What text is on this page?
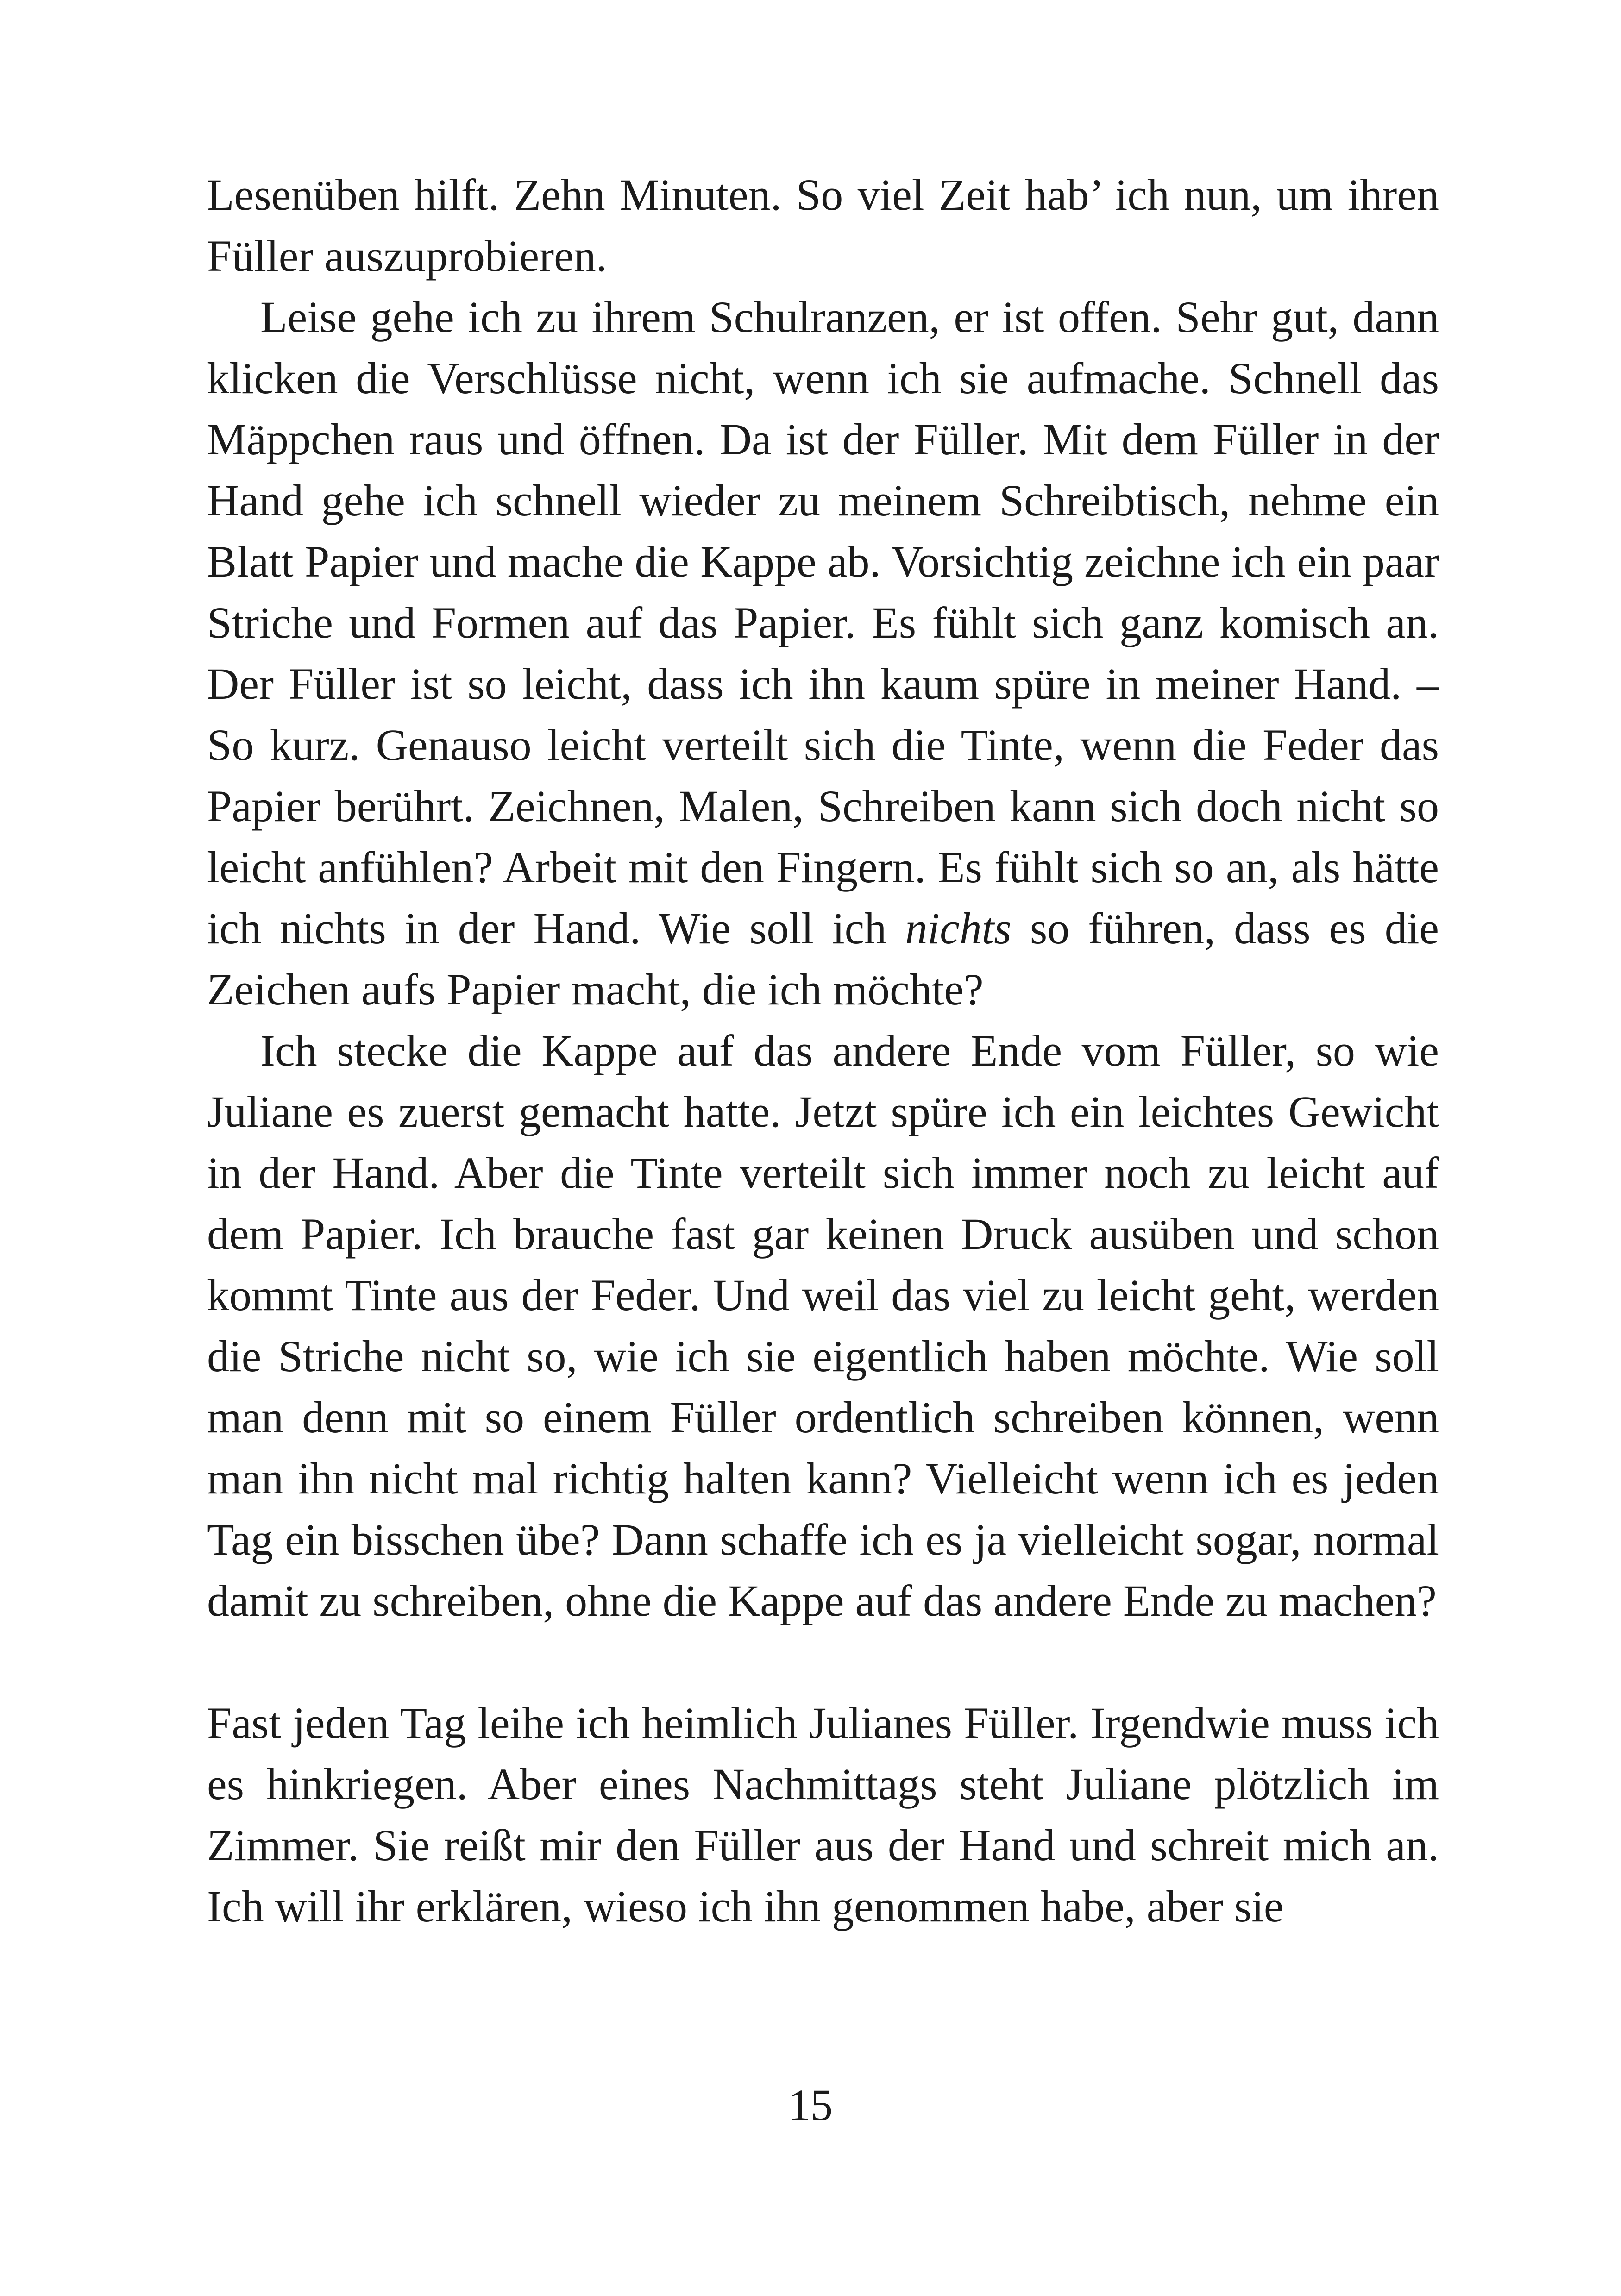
Lesenüben hilft. Zehn Minuten. So viel Zeit hab’ ich nun, um ihren Füller auszuprobieren.

Leise gehe ich zu ihrem Schulranzen, er ist offen. Sehr gut, dann klicken die Verschlüsse nicht, wenn ich sie aufmache. Schnell das Mäppchen raus und öffnen. Da ist der Füller. Mit dem Füller in der Hand gehe ich schnell wieder zu meinem Schreibtisch, nehme ein Blatt Papier und mache die Kappe ab. Vorsichtig zeichne ich ein paar Striche und Formen auf das Papier. Es fühlt sich ganz komisch an. Der Füller ist so leicht, dass ich ihn kaum spüre in meiner Hand. – So kurz. Genauso leicht verteilt sich die Tinte, wenn die Feder das Papier berührt. Zeichnen, Malen, Schreiben kann sich doch nicht so leicht anfühlen? Arbeit mit den Fingern. Es fühlt sich so an, als hätte ich nichts in der Hand. Wie soll ich nichts so führen, dass es die Zeichen aufs Papier macht, die ich möchte?

Ich stecke die Kappe auf das andere Ende vom Füller, so wie Juliane es zuerst gemacht hatte. Jetzt spüre ich ein leichtes Gewicht in der Hand. Aber die Tinte verteilt sich immer noch zu leicht auf dem Papier. Ich brauche fast gar keinen Druck ausüben und schon kommt Tinte aus der Feder. Und weil das viel zu leicht geht, werden die Striche nicht so, wie ich sie eigentlich haben möchte. Wie soll man denn mit so einem Füller ordentlich schreiben können, wenn man ihn nicht mal richtig halten kann? Vielleicht wenn ich es jeden Tag ein bisschen übe? Dann schaffe ich es ja vielleicht sogar, normal damit zu schreiben, ohne die Kappe auf das andere Ende zu machen?

Fast jeden Tag leihe ich heimlich Julianes Füller. Irgendwie muss ich es hinkriegen. Aber eines Nachmittags steht Juliane plötzlich im Zimmer. Sie reißt mir den Füller aus der Hand und schreit mich an. Ich will ihr erklären, wieso ich ihn genommen habe, aber sie

15
